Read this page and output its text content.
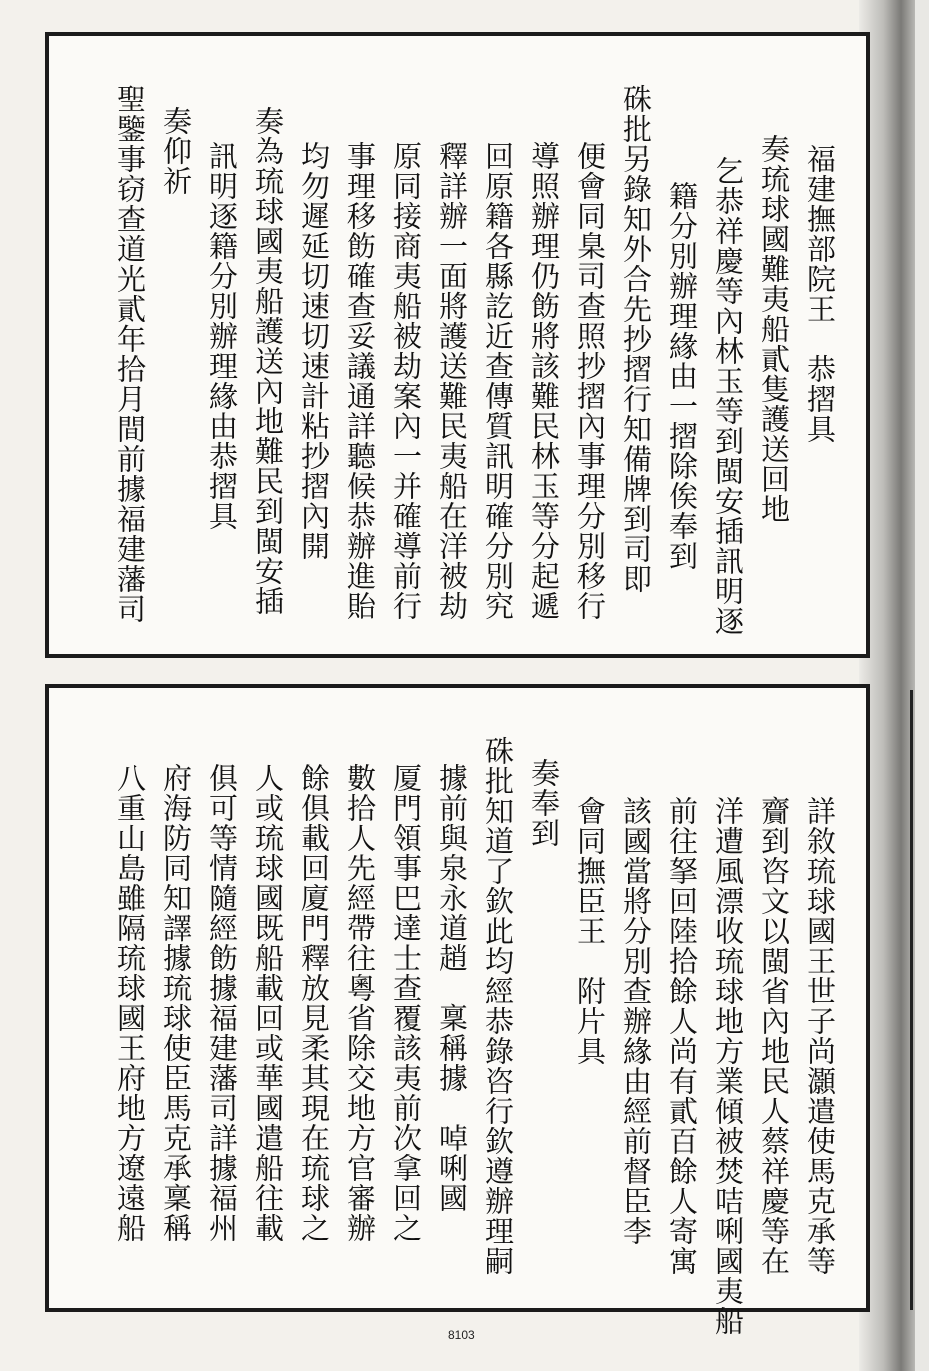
福建撫部院王　恭摺具
奏琉球國難夷船貳隻護送回地
乞恭祥慶等內林玉等到閩安插訊明逐
籍分別辦理緣由一摺除俟奉到
硃批另錄知外合先抄摺行知備牌到司即
便會同臬司查照抄摺內事理分別移行
導照辦理仍飭將該難民林玉等分起遞
回原籍各縣訖近查傳質訊明確分別究
釋詳辦一面將護送難民夷船在洋被劫
原同接商夷船被劫案內一并確導前行
事理移飭確查妥議通詳聽候恭辦進貽
均勿遲延切速切速計粘抄摺內開
奏為琉球國夷船護送內地難民到閩安插
訊明逐籍分別辦理緣由恭摺具
奏仰祈
聖鑒事窃查道光貳年拾月間前據福建藩司
詳敘琉球國王世子尚灝遣使馬克承等
齎到咨文以閩省內地民人蔡祥慶等在
洋遭風漂收琉球地方業傾被焚咭唎國夷船
前往拏回陸拾餘人尚有貳百餘人寄寓
該國當將分別查辦緣由經前督臣李
會同撫臣王　附片具
奏奉到
硃批知道了欽此均經恭錄咨行欽遵辦理嗣
據前與泉永道趙　稟稱據　啅唎國
厦門領事巴達士查覆該夷前次拿回之
數拾人先經帶往粵省除交地方官審辦
餘俱載回廈門釋放見柔其現在琉球之
人或琉球國既船載回或華國遣船往載
俱可等情隨經飭據福建藩司詳據福州
府海防同知譯據琉球使臣馬克承稟稱
八重山島雖隔琉球國王府地方遼遠船
8103
